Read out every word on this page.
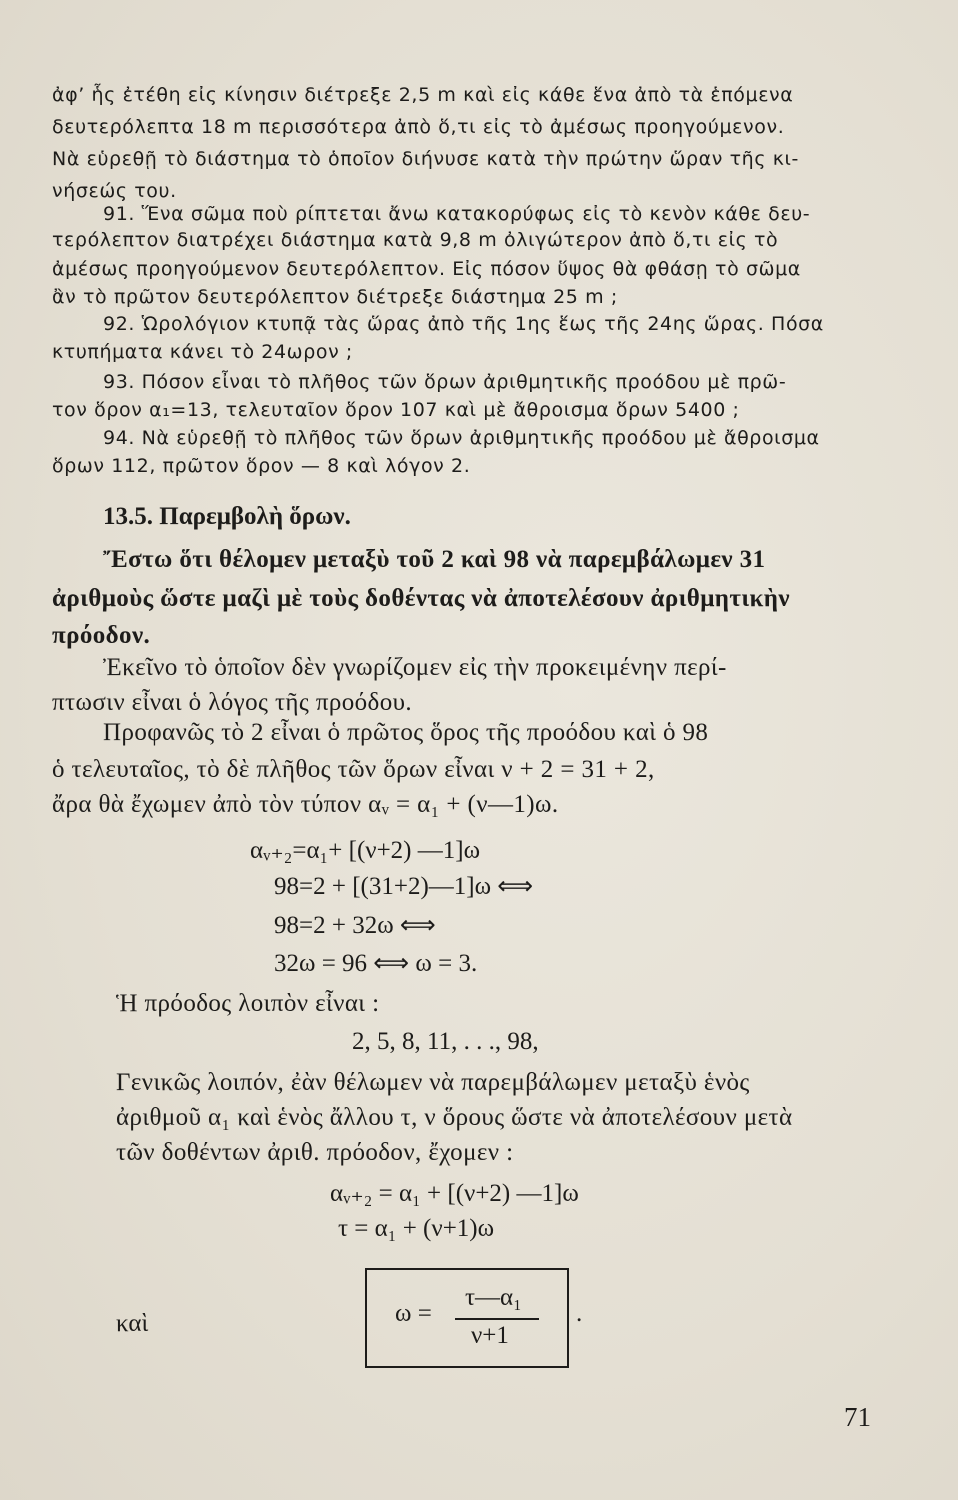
ἀφ’ ἧς ἐτέθη εἰς κίνησιν διέτρεξε 2,5 m καὶ εἰς κάθε ἕνα ἀπὸ τὰ ἑπόμενα
δευτερόλεπτα 18 m περισσότερα ἀπὸ ὅ,τι εἰς τὸ ἀμέσως προηγούμενον.
Νὰ εὑρεθῇ τὸ διάστημα τὸ ὁποῖον διήνυσε κατὰ τὴν πρώτην ὥραν τῆς κι-
νήσεώς του.
91. Ἕνα σῶμα ποὺ ρίπτεται ἄνω κατακορύφως εἰς τὸ κενὸν κάθε δευ-
τερόλεπτον διατρέχει διάστημα κατὰ 9,8 m ὀλιγώτερον ἀπὸ ὅ,τι εἰς τὸ
ἀμέσως προηγούμενον δευτερόλεπτον. Εἰς πόσον ὕψος θὰ φθάσῃ τὸ σῶμα
ἂν τὸ πρῶτον δευτερόλεπτον διέτρεξε διάστημα 25 m ;
92. Ὡρολόγιον κτυπᾷ τὰς ὥρας ἀπὸ τῆς 1ης ἕως τῆς 24ης ὥρας. Πόσα
κτυπήματα κάνει τὸ 24ωρον ;
93. Πόσον εἶναι τὸ πλῆθος τῶν ὅρων ἀριθμητικῆς προόδου μὲ πρῶ-
τον ὅρον α₁=13, τελευταῖον ὅρον 107 καὶ μὲ ἄθροισμα ὅρων 5400 ;
94. Νὰ εὑρεθῇ τὸ πλῆθος τῶν ὅρων ἀριθμητικῆς προόδου μὲ ἄθροισμα
ὅρων 112, πρῶτον ὅρον — 8 καὶ λόγον 2.
13.5. Παρεμβολὴ ὅρων.
Ἔστω ὅτι θέλομεν μεταξὺ τοῦ 2 καὶ 98 νὰ παρεμβάλωμεν 31
ἀριθμοὺς ὥστε μαζὶ μὲ τοὺς δοθέντας νὰ ἀποτελέσουν ἀριθμητικὴν
πρόοδον.
Ἐκεῖνο τὸ ὁποῖον δὲν γνωρίζομεν εἰς τὴν προκειμένην περί-
πτωσιν εἶναι ὁ λόγος τῆς προόδου.
Προφανῶς τὸ 2 εἶναι ὁ πρῶτος ὅρος τῆς προόδου καὶ ὁ 98
ὁ τελευταῖος, τὸ δὲ πλῆθος τῶν ὅρων εἶναι ν + 2 = 31 + 2,
ἄρα θὰ ἔχωμεν ἀπὸ τὸν τύπον αᵥ = α₁ + (ν—1)ω.
αᵥ₊₂=α₁+ [(ν+2) —1]ω
98=2 + [(31+2)—1]ω ⟺
98=2 + 32ω ⟺
32ω = 96 ⟺ ω = 3.
Ἡ πρόοδος λοιπὸν εἶναι :
2, 5, 8, 11, . . ., 98,
Γενικῶς λοιπόν, ἐὰν θέλωμεν νὰ παρεμβάλωμεν μεταξὺ ἑνὸς
ἀριθμοῦ α₁ καὶ ἑνὸς ἄλλου τ, ν ὅρους ὥστε νὰ ἀποτελέσουν μετὰ
τῶν δοθέντων ἀριθ. πρόοδον, ἔχομεν :
αᵥ₊₂ = α₁ + [(ν+2) —1]ω
τ = α₁ + (ν+1)ω
καὶ	ω =
τ—α₁
ν+1
.
71
